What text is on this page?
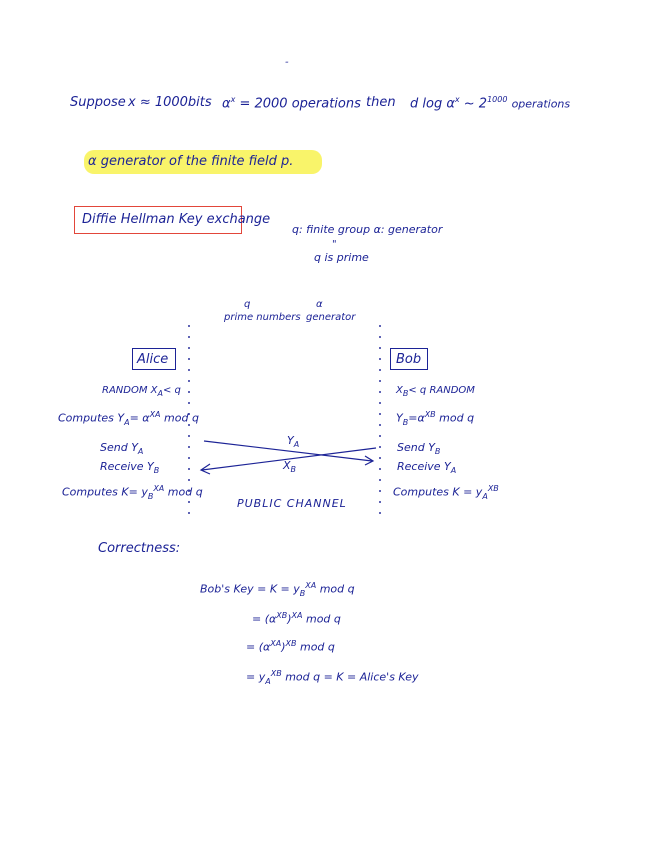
-
Suppose x ≈ 1000bits $\alpha^x = 2000$ operations then d $\log \alpha^x$ ~ $2^{1000}$ operations
α generator of the finite field p.
Diffie Hellman Key exchange
q: finite group α: generator
"
q is prime
q
prime numbers
α
generator
Alice	Bob
RANDOM $X_A< q$
Computes $Y_A= \alpha^{XA}$ mod q
Send $Y_A$
Receive $Y_B$
Computes $K= y_B^{XA}$ mod q
$X_B< q$ RANDOM
$Y_B=\alpha^{XB}$ mod q
Send $Y_B$
Receive $Y_A$
Computes $K = y_A^{XB}$
$Y_A$
$X_B$
PUBLIC CHANNEL
Correctness:
Bob's Key = $K = y_B^{XA}$ mod q
= $(\alpha^{XB})^{XA}$ mod q
= $(\alpha^{XA})^{XB}$ mod q
= $y_A^{XB}$ mod q = K = Alice's Key
